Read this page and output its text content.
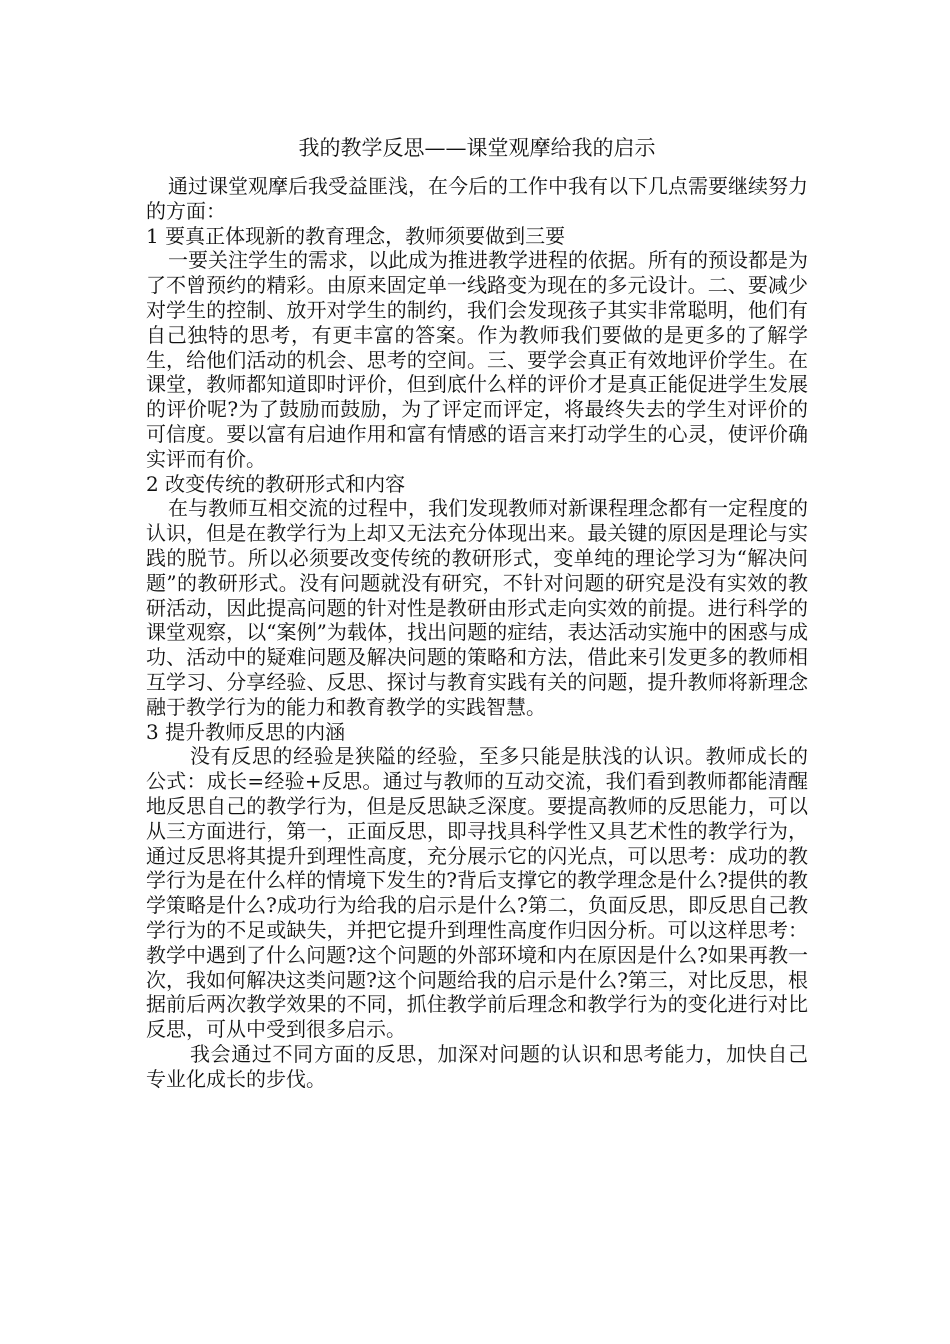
我的教学反思——课堂观摩给我的启示

通过课堂观摩后我受益匪浅，在今后的工作中我有以下几点需要继续努力的方面：

1 要真正体现新的教育理念，教师须要做到三要

一要关注学生的需求，以此成为推进教学进程的依据。所有的预设都是为了不曾预约的精彩。由原来固定单一线路变为现在的多元设计。二、要减少对学生的控制、放开对学生的制约，我们会发现孩子其实非常聪明，他们有自己独特的思考，有更丰富的答案。作为教师我们要做的是更多的了解学生，给他们活动的机会、思考的空间。三、要学会真正有效地评价学生。在课堂，教师都知道即时评价，但到底什么样的评价才是真正能促进学生发展的评价呢?为了鼓励而鼓励，为了评定而评定，将最终失去的学生对评价的可信度。要以富有启迪作用和富有情感的语言来打动学生的心灵，使评价确实评而有价。

2 改变传统的教研形式和内容

在与教师互相交流的过程中，我们发现教师对新课程理念都有一定程度的认识，但是在教学行为上却又无法充分体现出来。最关键的原因是理论与实践的脱节。所以必须要改变传统的教研形式，变单纯的理论学习为“解决问题”的教研形式。没有问题就没有研究，不针对问题的研究是没有实效的教研活动，因此提高问题的针对性是教研由形式走向实效的前提。进行科学的课堂观察，以“案例”为载体，找出问题的症结，表达活动实施中的困惑与成功、活动中的疑难问题及解决问题的策略和方法，借此来引发更多的教师相互学习、分享经验、反思、探讨与教育实践有关的问题，提升教师将新理念融于教学行为的能力和教育教学的实践智慧。

3 提升教师反思的内涵

没有反思的经验是狭隘的经验，至多只能是肤浅的认识。教师成长的公式：成长=经验+反思。通过与教师的互动交流，我们看到教师都能清醒地反思自己的教学行为，但是反思缺乏深度。要提高教师的反思能力，可以从三方面进行，第一，正面反思，即寻找具科学性又具艺术性的教学行为，通过反思将其提升到理性高度，充分展示它的闪光点，可以思考：成功的教学行为是在什么样的情境下发生的?背后支撑它的教学理念是什么?提供的教学策略是什么?成功行为给我的启示是什么?第二，负面反思，即反思自己教学行为的不足或缺失，并把它提升到理性高度作归因分析。可以这样思考：教学中遇到了什么问题?这个问题的外部环境和内在原因是什么?如果再教一次，我如何解决这类问题?这个问题给我的启示是什么?第三，对比反思，根据前后两次教学效果的不同，抓住教学前后理念和教学行为的变化进行对比反思，可从中受到很多启示。

我会通过不同方面的反思，加深对问题的认识和思考能力，加快自己专业化成长的步伐。
